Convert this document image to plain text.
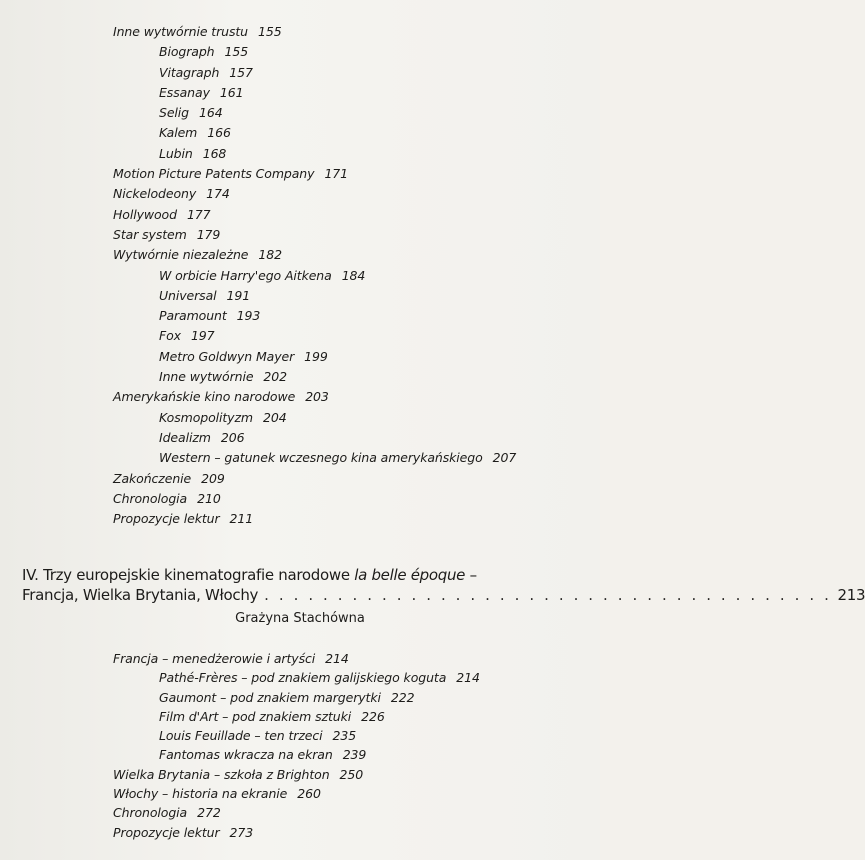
Inne wytwórnie trustu 155
Biograph 155
Vitagraph 157
Essanay 161
Selig 164
Kalem 166
Lubin 168
Motion Picture Patents Company 171
Nickelodeony 174
Hollywood 177
Star system 179
Wytwórnie niezależne 182
W orbicie Harry'ego Aitkena 184
Universal 191
Paramount 193
Fox 197
Metro Goldwyn Mayer 199
Inne wytwórnie 202
Amerykańskie kino narodowe 203
Kosmopolityzm 204
Idealizm 206
Western – gatunek wczesnego kina amerykańskiego 207
Zakończenie 209
Chronologia 210
Propozycje lektur 211
IV. Trzy europejskie kinematografie narodowe la belle époque –
Francja, Wielka Brytania, Włochy . . . . . . . . . . . . . . . . . . . . . . . . . . . . . . . . . . . . . . . 213
Grażyna Stachówna
Francja – menedżerowie i artyści 214
Pathé-Frères – pod znakiem galijskiego koguta 214
Gaumont – pod znakiem margerytki 222
Film d'Art – pod znakiem sztuki 226
Louis Feuillade – ten trzeci 235
Fantomas wkracza na ekran 239
Wielka Brytania – szkoła z Brighton 250
Włochy – historia na ekranie 260
Chronologia 272
Propozycje lektur 273
